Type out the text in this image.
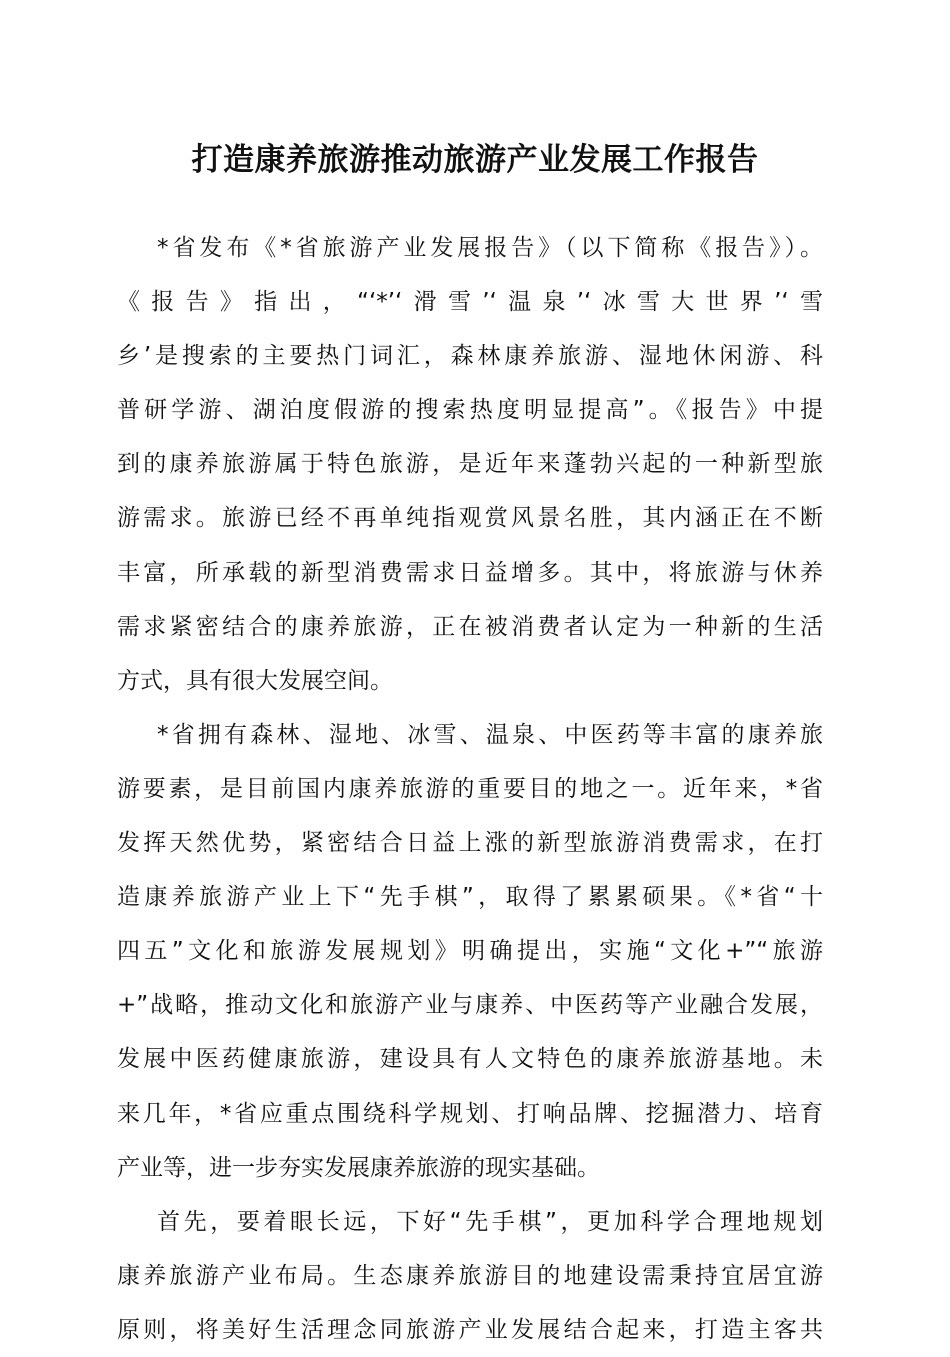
打造康养旅游推动旅游产业发展工作报告
*省发布《*省旅游产业发展报告》（以下简称《报告》）。
《报告》指出，“‘*’‘滑雪’‘温泉’‘冰雪大世界’‘雪
乡’是搜索的主要热门词汇，森林康养旅游、湿地休闲游、科
普研学游、湖泊度假游的搜索热度明显提高”。《报告》中提
到的康养旅游属于特色旅游，是近年来蓬勃兴起的一种新型旅
游需求。旅游已经不再单纯指观赏风景名胜，其内涵正在不断
丰富，所承载的新型消费需求日益增多。其中，将旅游与休养
需求紧密结合的康养旅游，正在被消费者认定为一种新的生活
方式，具有很大发展空间。
*省拥有森林、湿地、冰雪、温泉、中医药等丰富的康养旅
游要素，是目前国内康养旅游的重要目的地之一。近年来，*省
发挥天然优势，紧密结合日益上涨的新型旅游消费需求，在打
造康养旅游产业上下“先手棋”，取得了累累硕果。《*省“十
四五”文化和旅游发展规划》明确提出，实施“文化+”“旅游
+”战略，推动文化和旅游产业与康养、中医药等产业融合发展，
发展中医药健康旅游，建设具有人文特色的康养旅游基地。未
来几年，*省应重点围绕科学规划、打响品牌、挖掘潜力、培育
产业等，进一步夯实发展康养旅游的现实基础。
首先，要着眼长远，下好“先手棋”，更加科学合理地规划
康养旅游产业布局。生态康养旅游目的地建设需秉持宜居宜游
原则，将美好生活理念同旅游产业发展结合起来，打造主客共
